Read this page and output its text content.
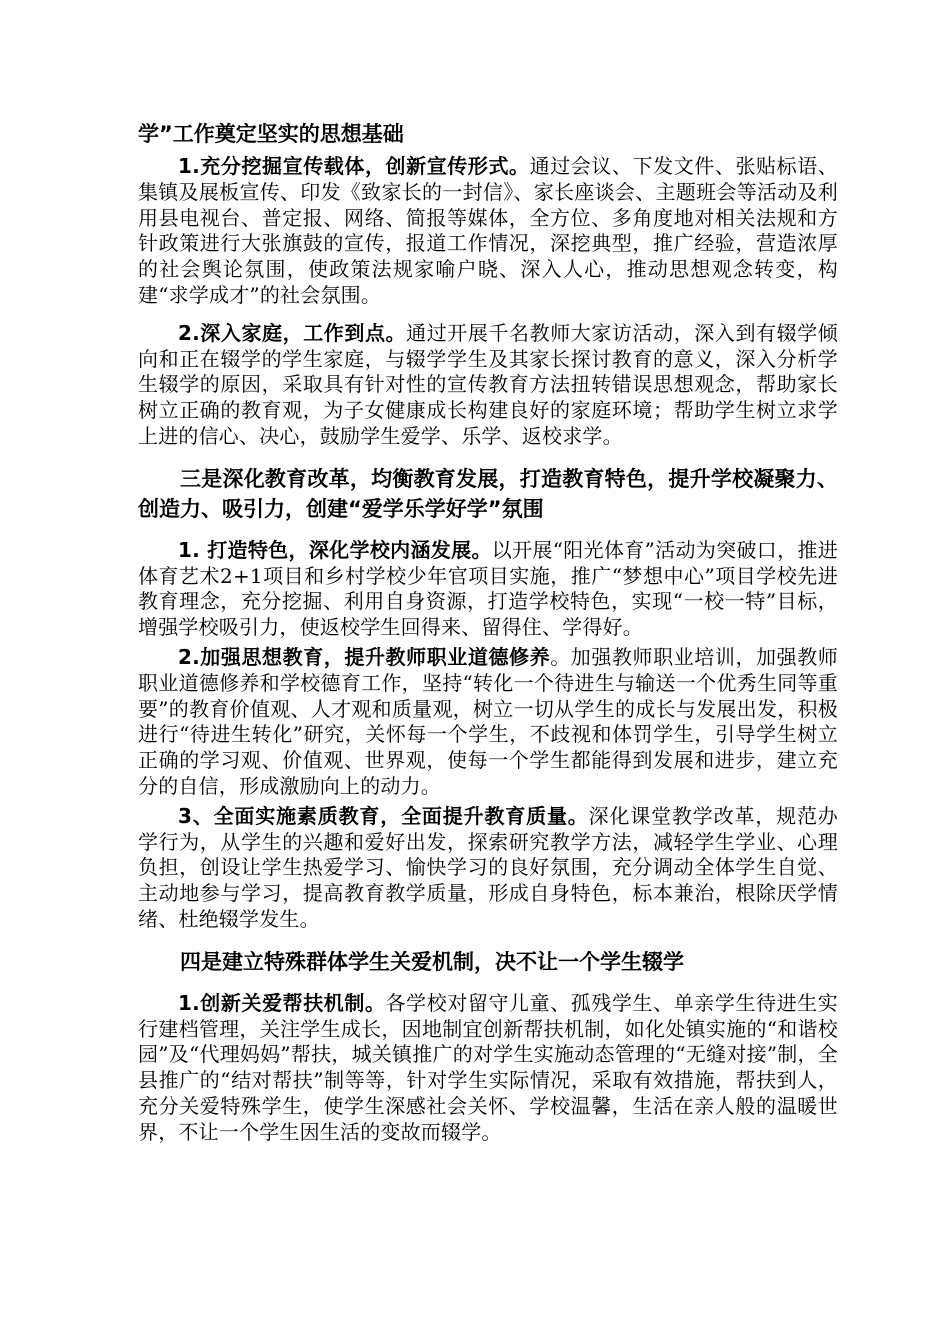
学”工作奠定坚实的思想基础

1.充分挖掘宣传载体，创新宣传形式。通过会议、下发文件、张贴标语、集镇及展板宣传、印发《致家长的一封信》、家长座谈会、主题班会等活动及利用县电视台、普定报、网络、简报等媒体，全方位、多角度地对相关法规和方针政策进行大张旗鼓的宣传，报道工作情况，深挖典型，推广经验，营造浓厚的社会舆论氛围，使政策法规家喻户晓、深入人心，推动思想观念转变，构建“求学成才”的社会氛围。

2.深入家庭，工作到点。通过开展千名教师大家访活动，深入到有辍学倾向和正在辍学的学生家庭，与辍学学生及其家长探讨教育的意义，深入分析学生辍学的原因，采取具有针对性的宣传教育方法扭转错误思想观念，帮助家长树立正确的教育观，为子女健康成长构建良好的家庭环境；帮助学生树立求学上进的信心、决心，鼓励学生爱学、乐学、返校求学。

三是深化教育改革，均衡教育发展，打造教育特色，提升学校凝聚力、创造力、吸引力，创建“爱学乐学好学”氛围

1. 打造特色，深化学校内涵发展。以开展“阳光体育”活动为突破口，推进体育艺术2+1项目和乡村学校少年官项目实施，推广“梦想中心”项目学校先进教育理念，充分挖掘、利用自身资源，打造学校特色，实现“一校一特”目标，增强学校吸引力，使返校学生回得来、留得住、学得好。

2.加强思想教育，提升教师职业道德修养。加强教师职业培训，加强教师职业道德修养和学校德育工作，坚持“转化一个待进生与输送一个优秀生同等重要”的教育价值观、人才观和质量观，树立一切从学生的成长与发展出发，积极进行“待进生转化”研究，关怀每一个学生，不歧视和体罚学生，引导学生树立正确的学习观、价值观、世界观，使每一个学生都能得到发展和进步，建立充分的自信，形成激励向上的动力。

3、全面实施素质教育，全面提升教育质量。深化课堂教学改革，规范办学行为，从学生的兴趣和爱好出发，探索研究教学方法，减轻学生学业、心理负担，创设让学生热爱学习、愉快学习的良好氛围，充分调动全体学生自觉、主动地参与学习，提高教育教学质量，形成自身特色，标本兼治，根除厌学情绪、杜绝辍学发生。

四是建立特殊群体学生关爱机制，决不让一个学生辍学

1.创新关爱帮扶机制。各学校对留守儿童、孤残学生、单亲学生待进生实行建档管理，关注学生成长，因地制宜创新帮扶机制，如化处镇实施的“和谐校园”及“代理妈妈”帮扶，城关镇推广的对学生实施动态管理的“无缝对接”制，全县推广的“结对帮扶”制等等，针对学生实际情况，采取有效措施，帮扶到人，充分关爱特殊学生，使学生深感社会关怀、学校温馨，生活在亲人般的温暖世界，不让一个学生因生活的变故而辍学。
